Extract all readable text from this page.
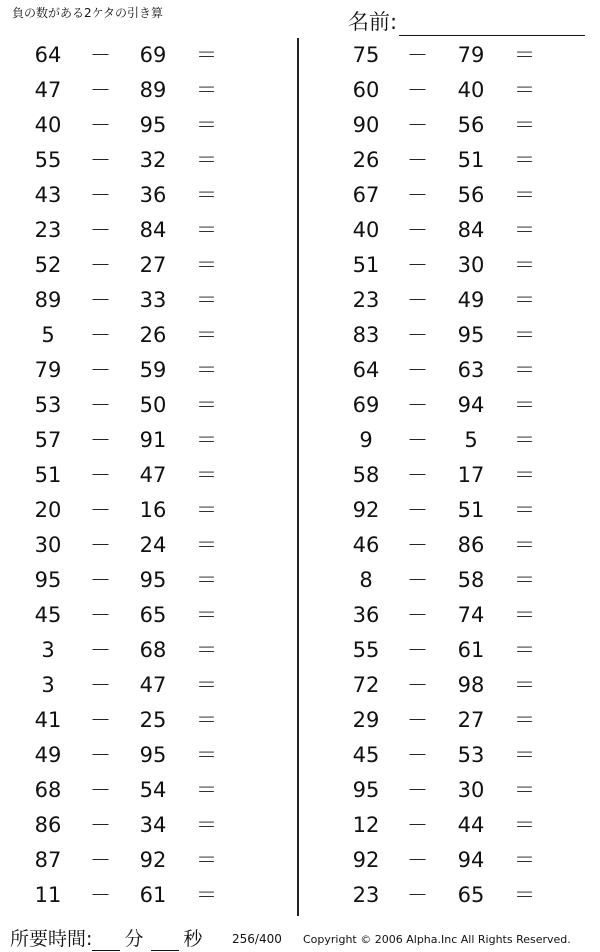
負の数がある2ケタの引き算	名前:
64	－	69	＝
47	－	89	＝
40	－	95	＝
55	－	32	＝
43	－	36	＝
23	－	84	＝
52	－	27	＝
89	－	33	＝
5	－	26	＝
79	－	59	＝
53	－	50	＝
57	－	91	＝
51	－	47	＝
20	－	16	＝
30	－	24	＝
95	－	95	＝
45	－	65	＝
3	－	68	＝
3	－	47	＝
41	－	25	＝
49	－	95	＝
68	－	54	＝
86	－	34	＝
87	－	92	＝
11	－	61	＝
75	－	79	＝
60	－	40	＝
90	－	56	＝
26	－	51	＝
67	－	56	＝
40	－	84	＝
51	－	30	＝
23	－	49	＝
83	－	95	＝
64	－	63	＝
69	－	94	＝
9	－	5	＝
58	－	17	＝
92	－	51	＝
46	－	86	＝
8	－	58	＝
36	－	74	＝
55	－	61	＝
72	－	98	＝
29	－	27	＝
45	－	53	＝
95	－	30	＝
12	－	44	＝
92	－	94	＝
23	－	65	＝
所要時間: 分 秒 256/400 Copyright © 2006 Alpha.Inc All Rights Reserved.
